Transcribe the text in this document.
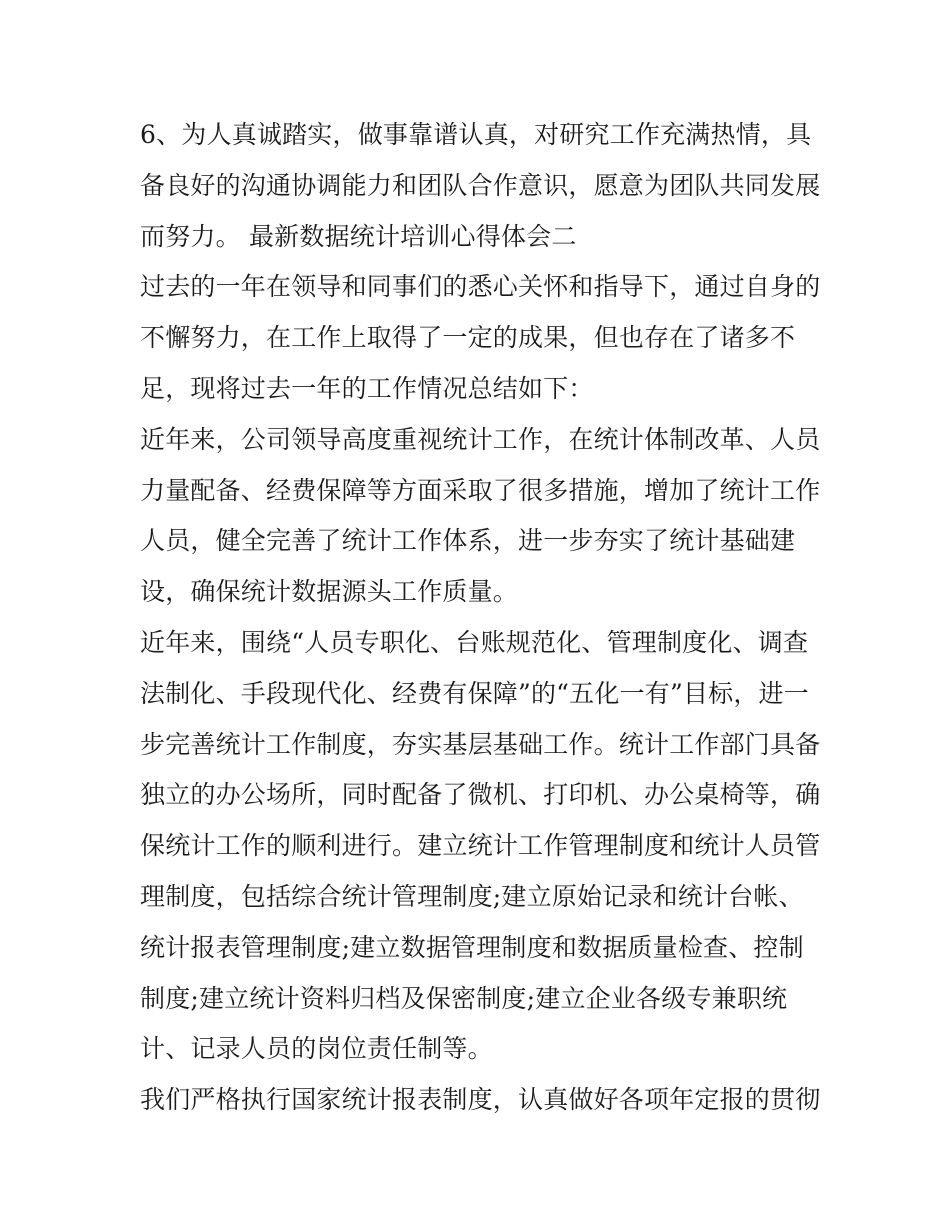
6、为人真诚踏实，做事靠谱认真，对研究工作充满热情，具
备良好的沟通协调能力和团队合作意识，愿意为团队共同发展
而努力。 最新数据统计培训心得体会二
过去的一年在领导和同事们的悉心关怀和指导下，通过自身的
不懈努力，在工作上取得了一定的成果，但也存在了诸多不
足，现将过去一年的工作情况总结如下：
近年来，公司领导高度重视统计工作，在统计体制改革、人员
力量配备、经费保障等方面采取了很多措施，增加了统计工作
人员，健全完善了统计工作体系，进一步夯实了统计基础建
设，确保统计数据源头工作质量。
近年来，围绕“人员专职化、台账规范化、管理制度化、调查
法制化、手段现代化、经费有保障”的“五化一有”目标，进一
步完善统计工作制度，夯实基层基础工作。统计工作部门具备
独立的办公场所，同时配备了微机、打印机、办公桌椅等，确
保统计工作的顺利进行。建立统计工作管理制度和统计人员管
理制度，包括综合统计管理制度;建立原始记录和统计台帐、
统计报表管理制度;建立数据管理制度和数据质量检查、控制
制度;建立统计资料归档及保密制度;建立企业各级专兼职统
计、记录人员的岗位责任制等。
我们严格执行国家统计报表制度，认真做好各项年定报的贯彻
